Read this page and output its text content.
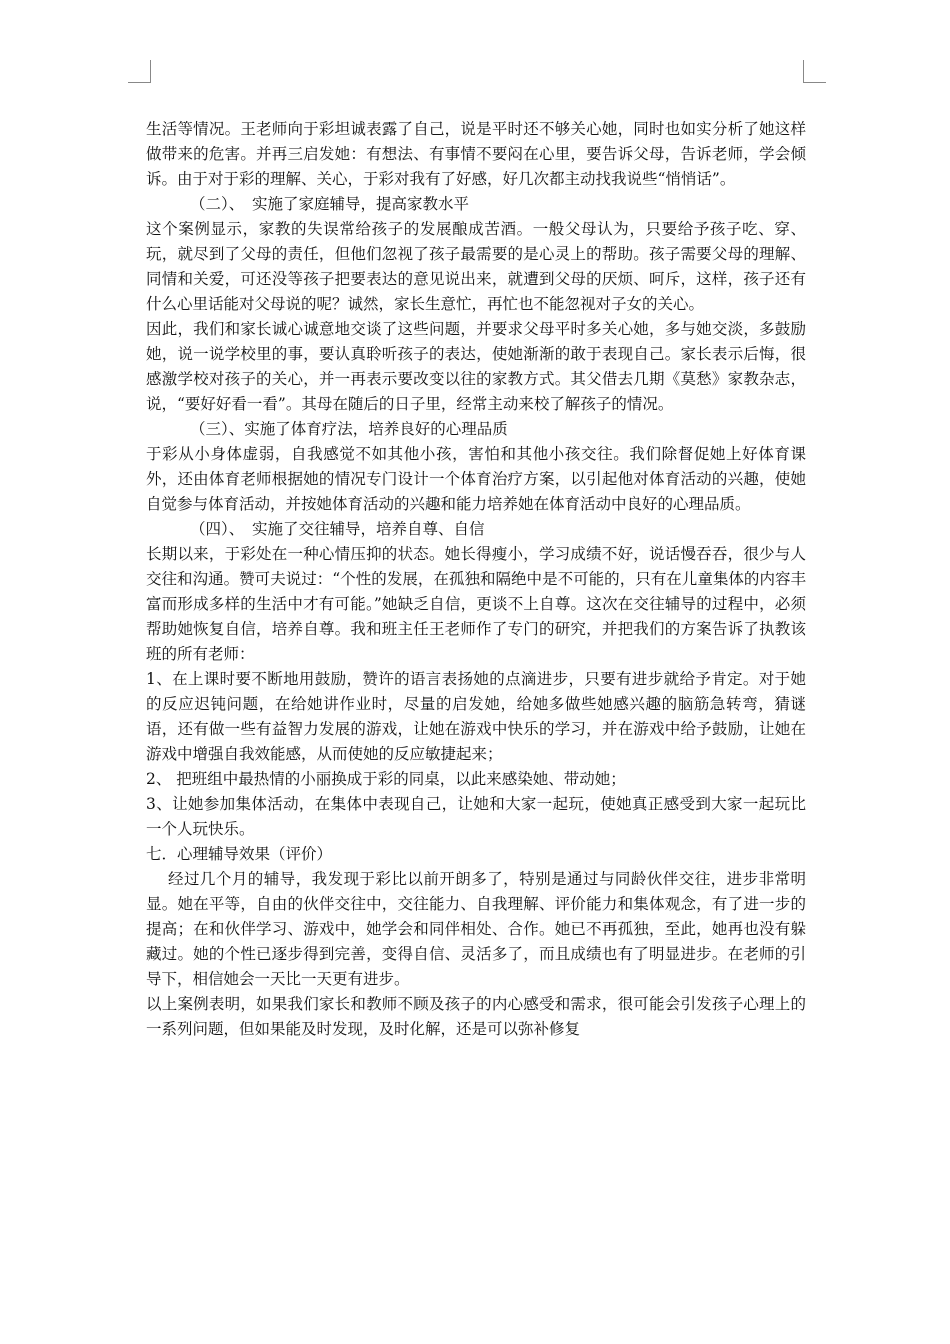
生活等情况。王老师向于彩坦诚表露了自己，说是平时还不够关心她，同时也如实分析了她这样做带来的危害。并再三启发她：有想法、有事情不要闷在心里，要告诉父母，告诉老师，学会倾诉。由于对于彩的理解、关心，于彩对我有了好感，好几次都主动找我说些“悄悄话”。

（二）、　实施了家庭辅导，提高家教水平

这个案例显示，家教的失误常给孩子的发展酿成苦酒。一般父母认为，只要给予孩子吃、穿、玩，就尽到了父母的责任，但他们忽视了孩子最需要的是心灵上的帮助。孩子需要父母的理解、同情和关爱，可还没等孩子把要表达的意见说出来，就遭到父母的厌烦、呵斥，这样，孩子还有什么心里话能对父母说的呢？诚然，家长生意忙，再忙也不能忽视对子女的关心。

因此，我们和家长诚心诚意地交谈了这些问题，并要求父母平时多关心她，多与她交淡，多鼓励她，说一说学校里的事，要认真聆听孩子的表达，使她渐渐的敢于表现自己。家长表示后悔，很感激学校对孩子的关心，并一再表示要改变以往的家教方式。其父借去几期《莫愁》家教杂志，说，“要好好看一看”。其母在随后的日子里，经常主动来校了解孩子的情况。

（三）、实施了体育疗法，培养良好的心理品质

于彩从小身体虚弱，自我感觉不如其他小孩，害怕和其他小孩交往。我们除督促她上好体育课外，还由体育老师根据她的情况专门设计一个体育治疗方案，以引起他对体育活动的兴趣，使她自觉参与体育活动，并按她体育活动的兴趣和能力培养她在体育活动中良好的心理品质。

（四）、　实施了交往辅导，培养自尊、自信

长期以来，于彩处在一种心情压抑的状态。她长得瘦小，学习成绩不好，说话慢吞吞，很少与人交往和沟通。赞可夫说过：“个性的发展，在孤独和隔绝中是不可能的，只有在儿童集体的内容丰富而形成多样的生活中才有可能。”她缺乏自信，更谈不上自尊。这次在交往辅导的过程中，必须帮助她恢复自信，培养自尊。我和班主任王老师作了专门的研究，并把我们的方案告诉了执教该班的所有老师：

1、在上课时要不断地用鼓励，赞许的语言表扬她的点滴进步，只要有进步就给予肯定。对于她的反应迟钝问题，在给她讲作业时，尽量的启发她，给她多做些她感兴趣的脑筋急转弯，猜谜语，还有做一些有益智力发展的游戏，让她在游戏中快乐的学习，并在游戏中给予鼓励，让她在游戏中增强自我效能感，从而使她的反应敏捷起来；

2、 把班组中最热情的小丽换成于彩的同桌，以此来感染她、带动她；

3、让她参加集体活动，在集体中表现自己，让她和大家一起玩，使她真正感受到大家一起玩比一个人玩快乐。

七．心理辅导效果（评价）

经过几个月的辅导，我发现于彩比以前开朗多了，特别是通过与同龄伙伴交往，进步非常明显。她在平等，自由的伙伴交往中，交往能力、自我理解、评价能力和集体观念，有了进一步的提高；在和伙伴学习、游戏中，她学会和同伴相处、合作。她已不再孤独，至此，她再也没有躲藏过。她的个性已逐步得到完善，变得自信、灵活多了，而且成绩也有了明显进步。在老师的引导下，相信她会一天比一天更有进步。

以上案例表明，如果我们家长和教师不顾及孩子的内心感受和需求，很可能会引发孩子心理上的一系列问题，但如果能及时发现，及时化解，还是可以弥补修复
